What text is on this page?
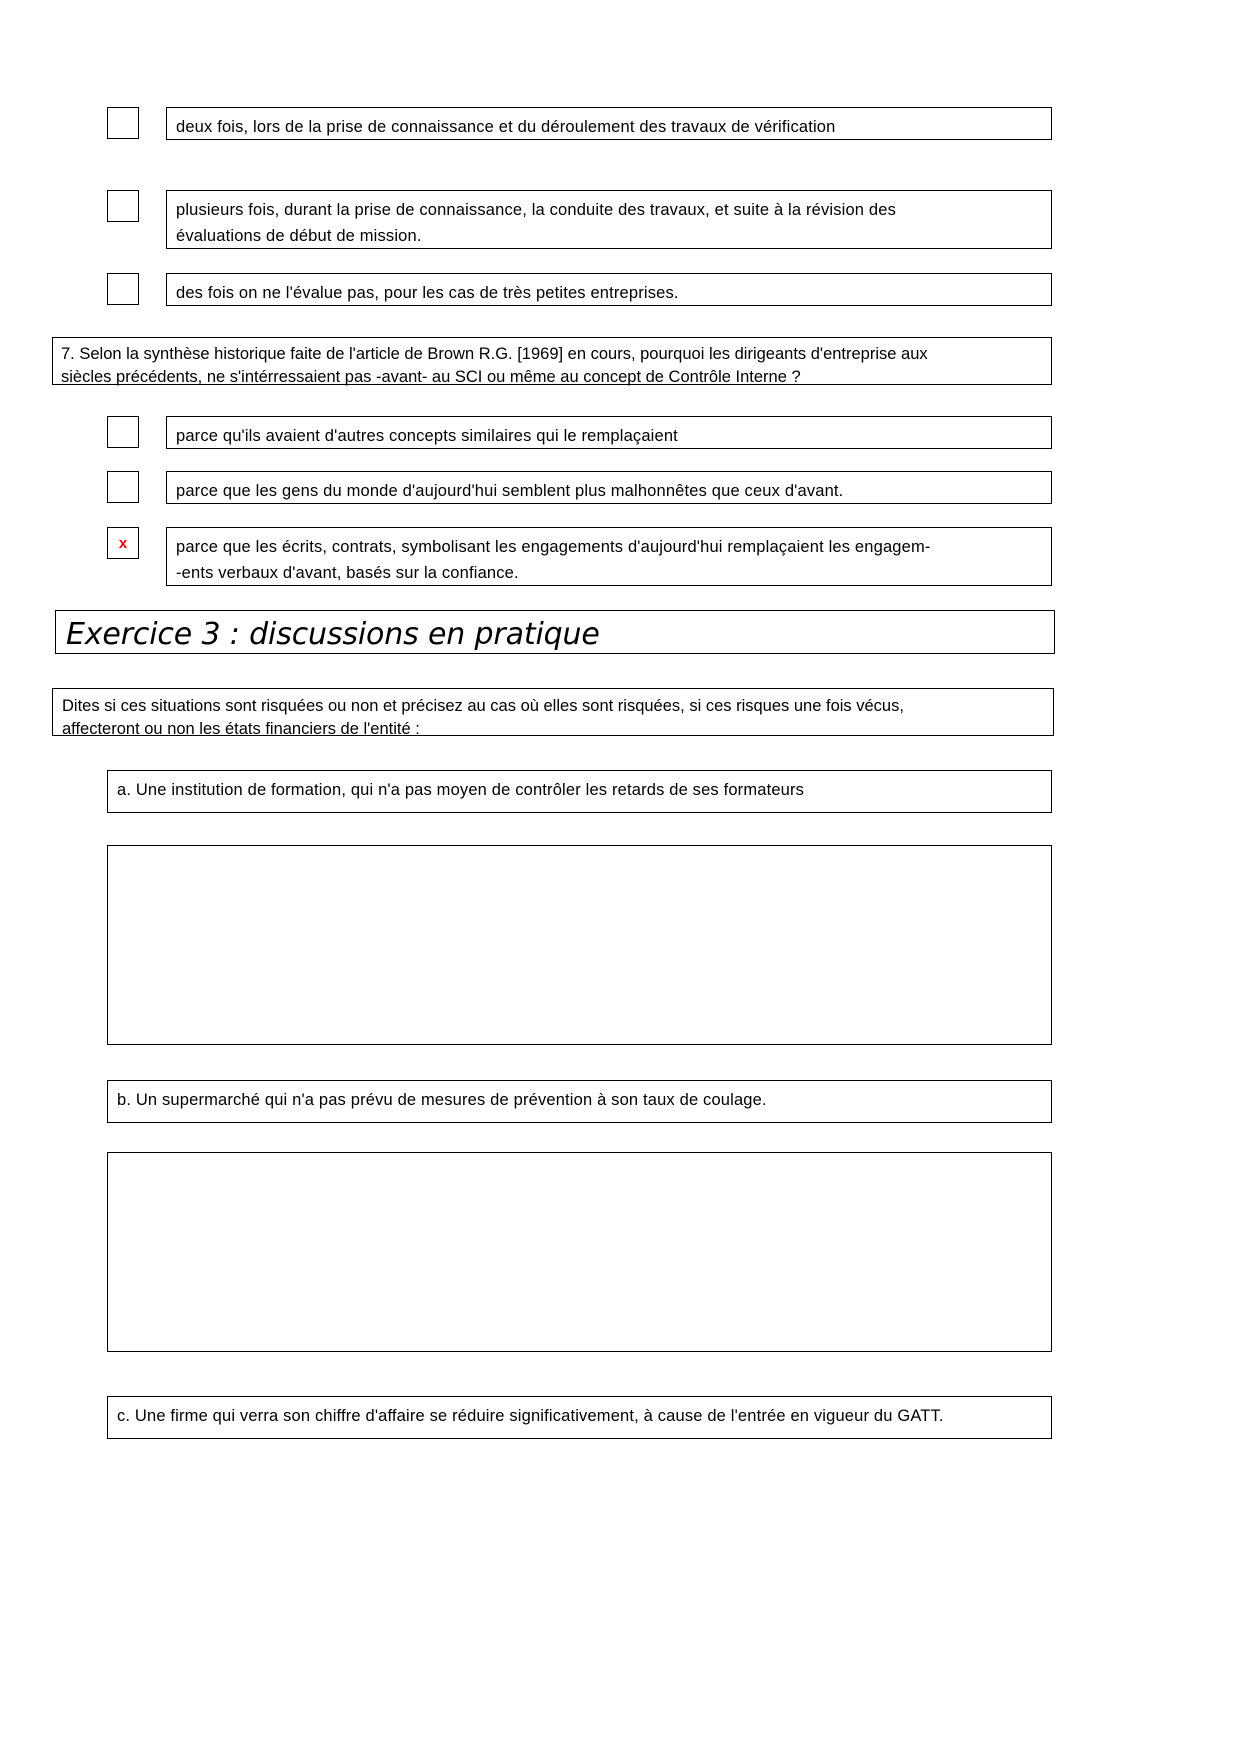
deux fois, lors de la prise de connaissance et du déroulement des travaux de vérification
plusieurs fois, durant la prise de connaissance, la conduite des travaux, et suite à la révision des
évaluations de début de mission.
des fois on ne l'évalue pas, pour les cas de très petites entreprises.
7. Selon la synthèse historique faite de l'article de Brown R.G. [1969] en cours, pourquoi les dirigeants d'entreprise aux
siècles précédents, ne s'intérressaient pas -avant- au SCI ou même au concept de Contrôle Interne ?
parce qu'ils avaient d'autres concepts similaires qui le remplaçaient
parce que les gens du monde d'aujourd'hui semblent plus malhonnêtes que ceux d'avant.
x	parce que les écrits, contrats, symbolisant les engagements d'aujourd'hui remplaçaient les engagem-
-ents verbaux d'avant, basés sur la confiance.
Exercice 3 : discussions en pratique
Dites si ces situations sont risquées ou non et précisez au cas où elles sont risquées, si ces risques une fois vécus,
affecteront ou non les états financiers de l'entité :
a. Une institution de formation, qui n'a pas moyen de contrôler les retards de ses formateurs
b. Un supermarché qui n'a pas prévu de mesures de prévention à son taux de coulage.
c. Une firme qui verra son chiffre d'affaire se réduire significativement, à cause de l'entrée en vigueur du GATT.
